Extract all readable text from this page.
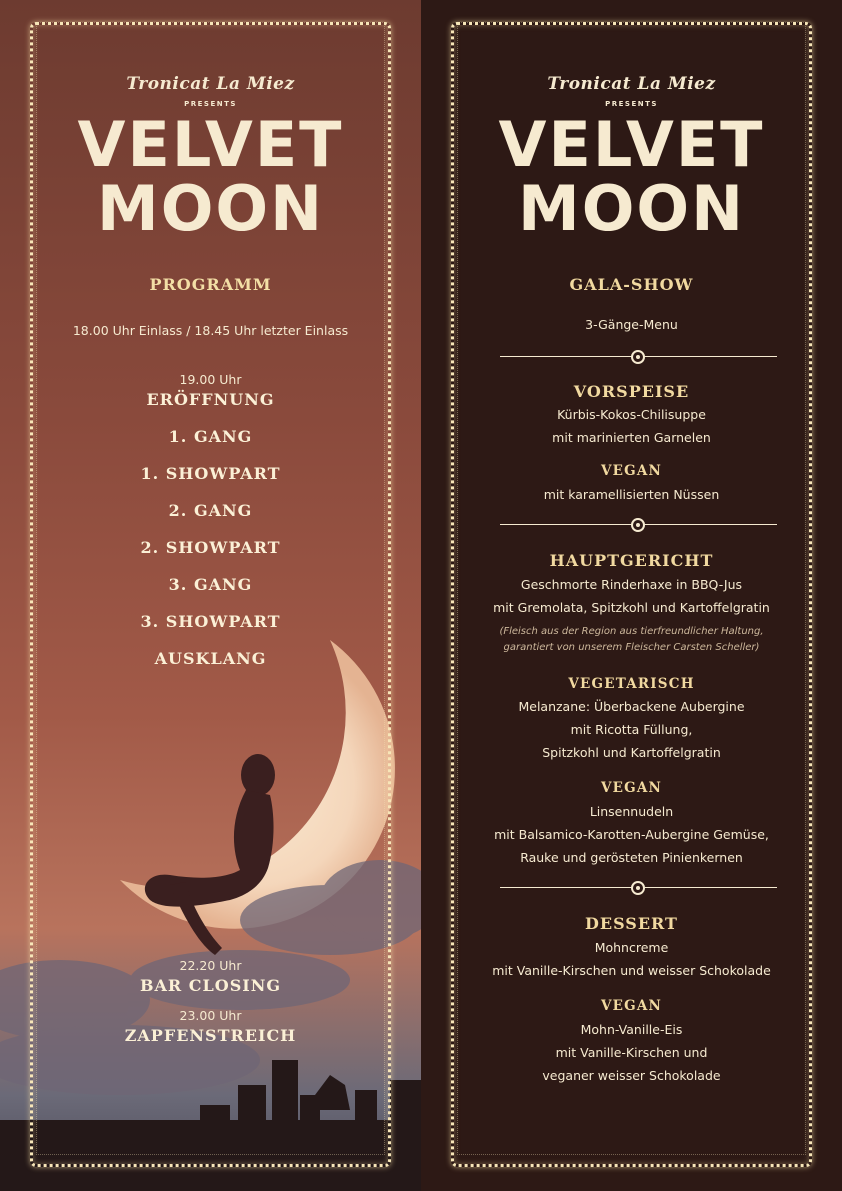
Tronicat La Miez
PRESENTS
VELVET
MOON
PROGRAMM
18.00 Uhr Einlass / 18.45 Uhr letzter Einlass
19.00 Uhr
ERÖFFNUNG
1. GANG
1. SHOWPART
2. GANG
2. SHOWPART
3. GANG
3. SHOWPART
AUSKLANG
22.20 Uhr
BAR CLOSING
23.00 Uhr
ZAPFENSTREICH
Tronicat La Miez
PRESENTS
VELVET
MOON
GALA-SHOW
3-Gänge-Menu
VORSPEISE
Kürbis-Kokos-Chilisuppe
mit marinierten Garnelen
VEGAN
mit karamellisierten Nüssen
HAUPTGERICHT
Geschmorte Rinderhaxe in BBQ-Jus
mit Gremolata, Spitzkohl und Kartoffelgratin
(Fleisch aus der Region aus tierfreundlicher Haltung,
garantiert von unserem Fleischer Carsten Scheller)
VEGETARISCH
Melanzane: Überbackene Aubergine
mit Ricotta Füllung,
Spitzkohl und Kartoffelgratin
VEGAN
Linsennudeln
mit Balsamico-Karotten-Aubergine Gemüse,
Rauke und gerösteten Pinienkernen
DESSERT
Mohncreme
mit Vanille-Kirschen und weisser Schokolade
VEGAN
Mohn-Vanille-Eis
mit Vanille-Kirschen und
veganer weisser Schokolade
